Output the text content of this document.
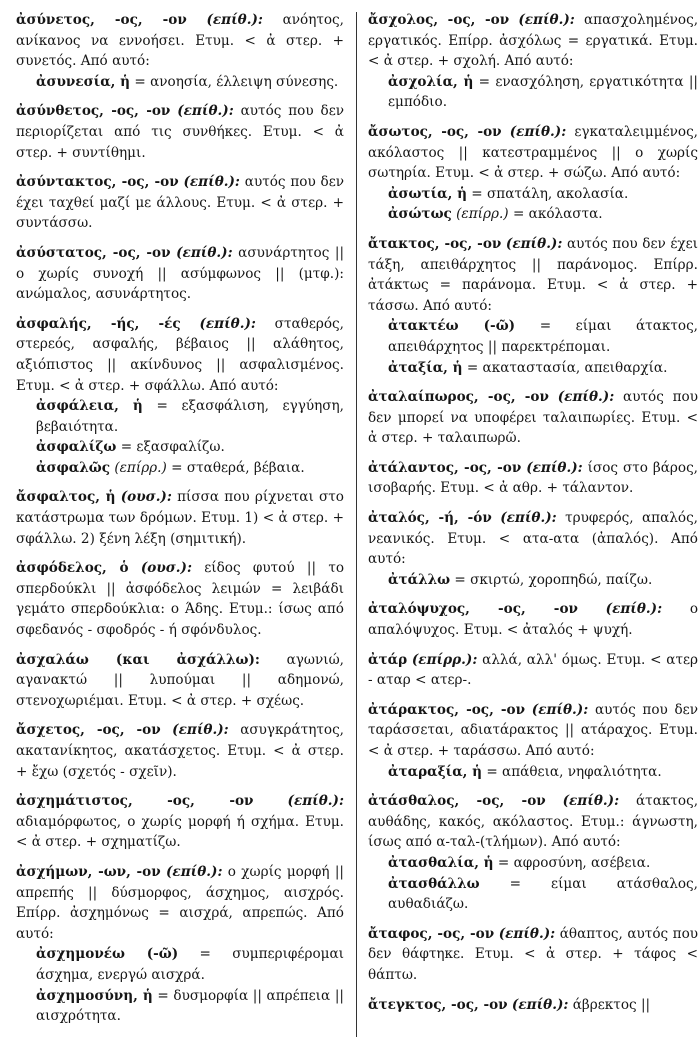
ἀσύνετος, -ος, -ον (επίθ.): ανόητος, ανίκανος να εννοήσει. Ετυμ. < ἀ στερ. + συνετός. Από αυτό:
ἀσυνεσία, ἡ = ανοησία, έλλειψη σύνεσης.
ἀσύνθετος, -ος, -ον (επίθ.): αυτός που δεν περιορίζεται από τις συνθήκες. Ετυμ. < ἀ στερ. + συντίθημι.
ἀσύντακτος, -ος, -ον (επίθ.): αυτός που δεν έχει ταχθεί μαζί με άλλους. Ετυμ. < ἀ στερ. + συντάσσω.
ἀσύστατος, -ος, -ον (επίθ.): ασυνάρτητος || ο χωρίς συνοχή || ασύμφωνος || (μτφ.): ανώμαλος, ασυνάρτητος.
ἀσφαλής, -ής, -ές (επίθ.): σταθερός, στερεός, ασφαλής, βέβαιος || αλάθητος, αξιόπιστος || ακίνδυνος || ασφαλισμένος. Ετυμ. < ἀ στερ. + σφάλλω. Από αυτό:
ἀσφάλεια, ἡ = εξασφάλιση, εγγύηση, βεβαιότητα.
ἀσφαλίζω = εξασφαλίζω.
ἀσφαλῶς (επίρρ.) = σταθερά, βέβαια.
ἄσφαλτος, ἡ (ουσ.): πίσσα που ρίχνεται στο κατάστρωμα των δρόμων. Ετυμ. 1) < ἀ στερ. + σφάλλω. 2) ξένη λέξη (σημιτική).
ἀσφόδελος, ὁ (ουσ.): είδος φυτού || το σπερδούκλι || ἀσφόδελος λειμών = λειβάδι γεμάτο σπερδούκλια: ο Άδης. Ετυμ.: ίσως από σφεδανός - σφοδρός - ή σφόνδυλος.
ἀσχαλάω (και ἀσχάλλω): αγωνιώ, αγανακτώ || λυπούμαι || αδημονώ, στενοχωριέμαι. Ετυμ. < ἀ στερ. + σχέως.
ἄσχετος, -ος, -ον (επίθ.): ασυγκράτητος, ακατανίκητος, ακατάσχετος. Ετυμ. < ἀ στερ. + ἔχω (σχετός - σχεῖν).
ἀσχημάτιστος, -ος, -ον	(επίθ.): αδιαμόρφωτος, ο χωρίς μορφή ή σχήμα. Ετυμ. < ἀ στερ. + σχηματίζω.
ἀσχήμων, -ων, -ον (επίθ.): ο χωρίς μορφή || απρεπής || δύσμορφος, άσχημος, αισχρός. Επίρρ. ἀσχημόνως = αισχρά, απρεπώς. Από αυτό:
ἀσχημονέω (-ῶ) = συμπεριφέρομαι άσχημα, ενεργώ αισχρά.
ἀσχημοσύνη, ἡ = δυσμορφία || απρέπεια || αισχρότητα.
ἄσχολος, -ος, -ον (επίθ.): απασχολημένος, εργατικός. Επίρρ. ἀσχόλως = εργατικά. Ετυμ. < ἀ στερ. + σχολή. Από αυτό:
ἀσχολία, ἡ = ενασχόληση, εργατικότητα || εμπόδιο.
ἄσωτος, -ος, -ον (επίθ.): εγκαταλειμμένος, ακόλαστος || κατεστραμμένος || ο χωρίς σωτηρία. Ετυμ. < ἀ στερ. + σώζω. Από αυτό:
ἀσωτία, ἡ = σπατάλη, ακολασία.
ἀσώτως (επίρρ.) = ακόλαστα.
ἄτακτος, -ος, -ον (επίθ.): αυτός που δεν έχει τάξη, απειθάρχητος || παράνομος. Επίρρ. ἀτάκτως = παράνομα. Ετυμ. < ἀ στερ. + τάσσω. Από αυτό:
ἀτακτέω (-ῶ) = είμαι άτακτος, απειθάρχητος || παρεκτρέπομαι.
ἀταξία, ἡ = ακαταστασία, απειθαρχία.
ἀταλαίπωρος, -ος, -ον (επίθ.): αυτός που δεν μπορεί να υποφέρει ταλαιπωρίες. Ετυμ. < ἀ στερ. + ταλαιπωρῶ.
ἀτάλαντος, -ος, -ον (επίθ.): ίσος στο βάρος, ισοβαρής. Ετυμ. < ἀ αθρ. + τάλαντον.
ἀταλός, -ή, -όν (επίθ.): τρυφερός, απαλός, νεανικός. Ετυμ. < ατα-ατα (ἀπαλός). Από αυτό:
ἀτάλλω = σκιρτώ, χοροπηδώ, παίζω.
ἀταλόψυχος, -ος, -ον (επίθ.): ο απαλόψυχος. Ετυμ. < ἀταλός + ψυχή.
ἀτάρ (επίρρ.): αλλά, αλλ' όμως. Ετυμ. < ατερ - αταρ < ατερ-.
ἀτάρακτος, -ος, -ον (επίθ.): αυτός που δεν ταράσσεται, αδιατάρακτος || ατάραχος. Ετυμ. < ἀ στερ. + ταράσσω. Από αυτό:
ἀταραξία, ἡ = απάθεια, νηφαλιότητα.
ἀτάσθαλος, -ος, -ον (επίθ.): άτακτος, αυθάδης, κακός, ακόλαστος. Ετυμ.: άγνωστη, ίσως από α-ταλ-(τλήμων). Από αυτό:
ἀτασθαλία, ἡ = αφροσύνη, ασέβεια.
ἀτασθάλλω = είμαι ατάσθαλος, αυθαδιάζω.
ἄταφος, -ος, -ον (επίθ.): άθαπτος, αυτός που δεν θάφτηκε. Ετυμ. < ἀ στερ. + τάφος < θάπτω.
ἄτεγκτος, -ος, -ον (επίθ.): άβρεκτος ||
